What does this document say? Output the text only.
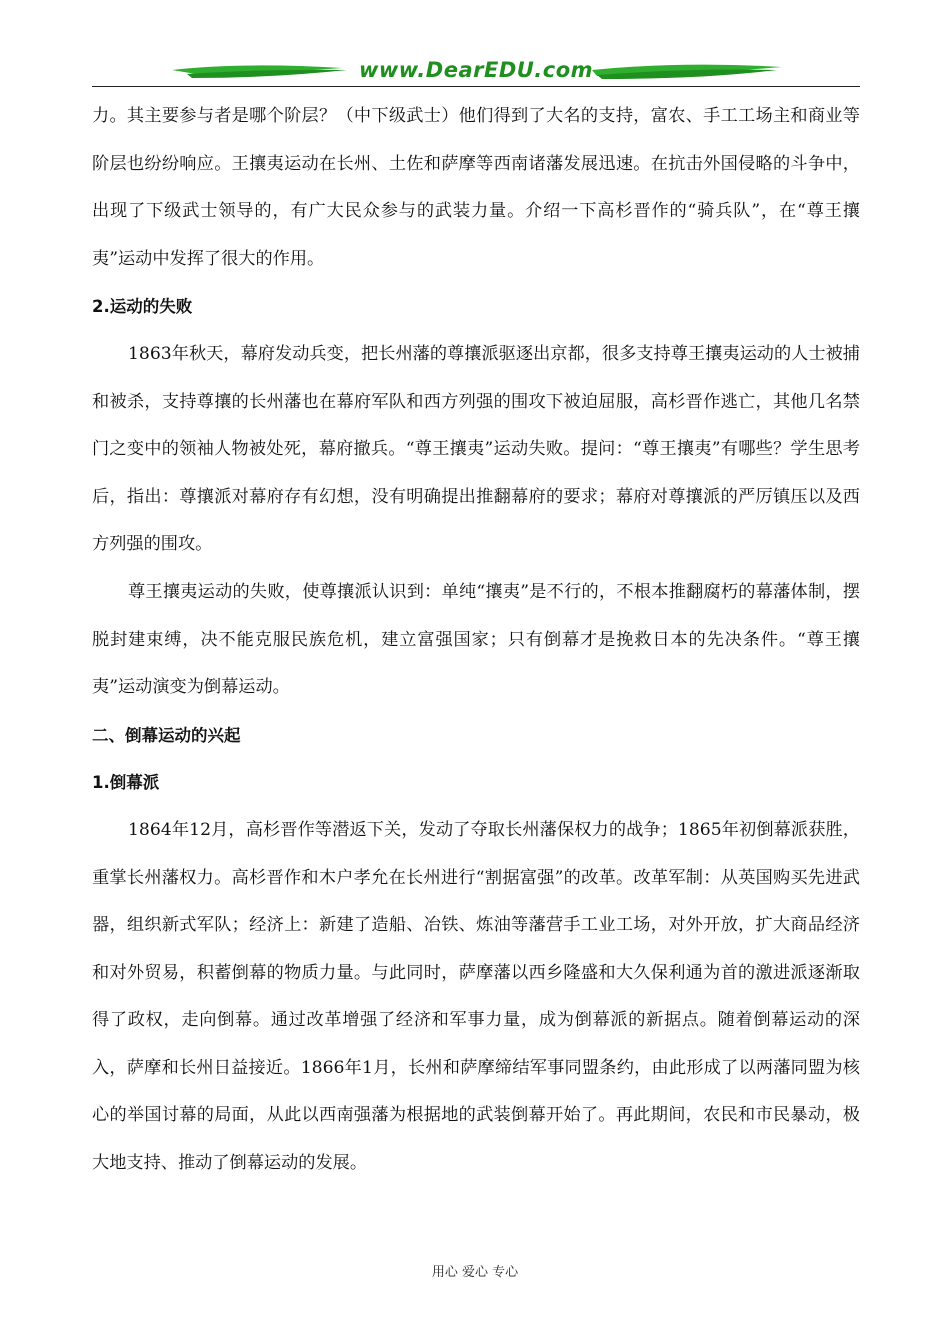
www.DearEDU.com

力。其主要参与者是哪个阶层？（中下级武士）他们得到了大名的支持，富农、手工工场主和商业等阶层也纷纷响应。王攘夷运动在长州、土佐和萨摩等西南诸藩发展迅速。在抗击外国侵略的斗争中，出现了下级武士领导的，有广大民众参与的武装力量。介绍一下高杉晋作的“骑兵队”，在“尊王攘夷”运动中发挥了很大的作用。

2.运动的失败

1863年秋天，幕府发动兵变，把长州藩的尊攘派驱逐出京都，很多支持尊王攘夷运动的人士被捕和被杀，支持尊攘的长州藩也在幕府军队和西方列强的围攻下被迫屈服，高杉晋作逃亡，其他几名禁门之变中的领袖人物被处死，幕府撤兵。“尊王攘夷”运动失败。提问：“尊王攘夷”有哪些？学生思考后，指出：尊攘派对幕府存有幻想，没有明确提出推翻幕府的要求；幕府对尊攘派的严厉镇压以及西方列强的围攻。

尊王攘夷运动的失败，使尊攘派认识到：单纯“攘夷”是不行的，不根本推翻腐朽的幕藩体制，摆脱封建束缚，决不能克服民族危机，建立富强国家；只有倒幕才是挽救日本的先决条件。“尊王攘夷”运动演变为倒幕运动。

二、倒幕运动的兴起

1.倒幕派

1864年12月，高杉晋作等潜返下关，发动了夺取长州藩保权力的战争；1865年初倒幕派获胜，重掌长州藩权力。高杉晋作和木户孝允在长州进行“割据富强”的改革。改革军制：从英国购买先进武器，组织新式军队；经济上：新建了造船、冶铁、炼油等藩营手工业工场，对外开放，扩大商品经济和对外贸易，积蓄倒幕的物质力量。与此同时，萨摩藩以西乡隆盛和大久保利通为首的激进派逐渐取得了政权，走向倒幕。通过改革增强了经济和军事力量，成为倒幕派的新据点。随着倒幕运动的深入，萨摩和长州日益接近。1866年1月，长州和萨摩缔结军事同盟条约，由此形成了以两藩同盟为核心的举国讨幕的局面，从此以西南强藩为根据地的武装倒幕开始了。再此期间，农民和市民暴动，极大地支持、推动了倒幕运动的发展。

用心 爱心 专心
